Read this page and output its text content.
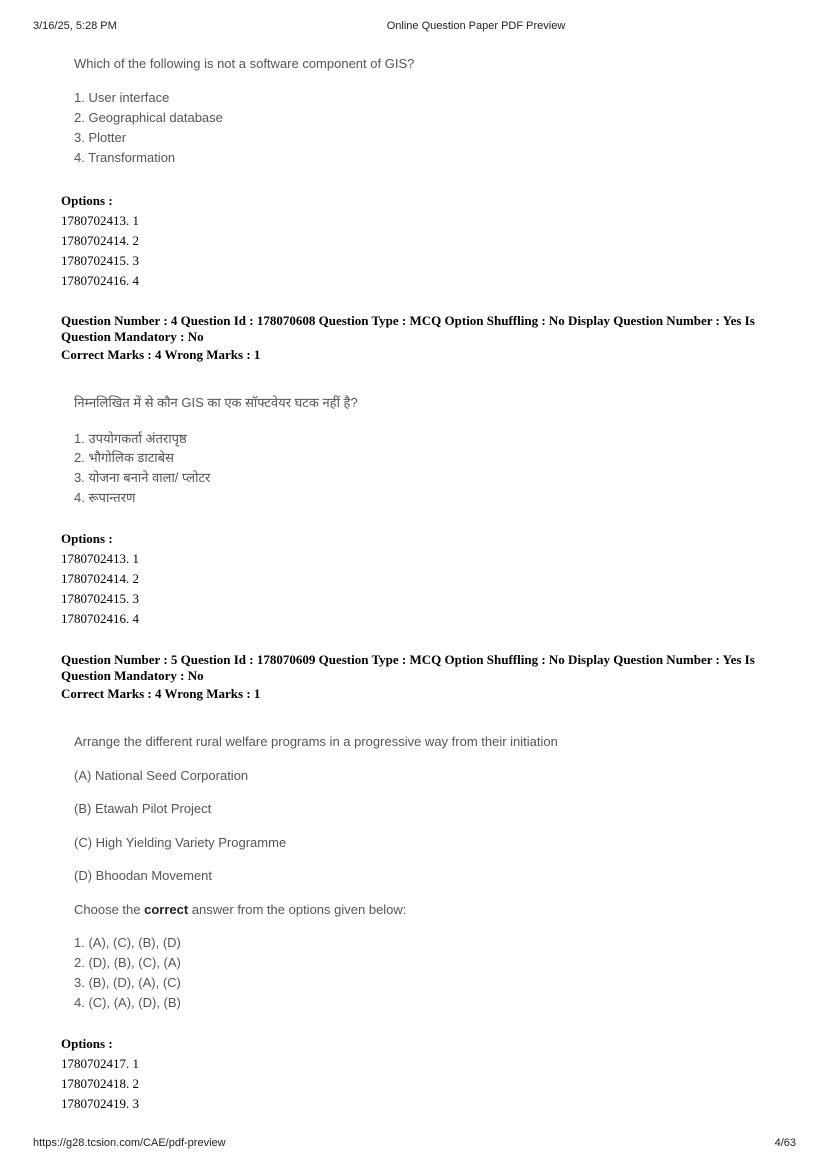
3/16/25, 5:28 PM	Online Question Paper PDF Preview
Which of the following is not a software component of GIS?
1. User interface
2. Geographical database
3. Plotter
4. Transformation
Options :
1780702413. 1
1780702414. 2
1780702415. 3
1780702416. 4
Question Number : 4 Question Id : 178070608 Question Type : MCQ Option Shuffling : No Display Question Number : Yes Is
Question Mandatory : No
Correct Marks : 4 Wrong Marks : 1
निम्नलिखित में से कौन GIS का एक सॉफ्टवेयर घटक नहीं है?
1. उपयोगकर्ता अंतरापृष्ठ
2. भौगोलिक डाटाबेस
3. योजना बनाने वाला/ प्लोटर
4. रूपान्तरण
Options :
1780702413. 1
1780702414. 2
1780702415. 3
1780702416. 4
Question Number : 5 Question Id : 178070609 Question Type : MCQ Option Shuffling : No Display Question Number : Yes Is
Question Mandatory : No
Correct Marks : 4 Wrong Marks : 1
Arrange the different rural welfare programs in a progressive way from their initiation
(A) National Seed Corporation
(B) Etawah Pilot Project
(C) High Yielding Variety Programme
(D) Bhoodan Movement
Choose the correct answer from the options given below:
1. (A), (C), (B), (D)
2. (D), (B), (C), (A)
3. (B), (D), (A), (C)
4. (C), (A), (D), (B)
Options :
1780702417. 1
1780702418. 2
1780702419. 3
https://g28.tcsion.com/CAE/pdf-preview	4/63
